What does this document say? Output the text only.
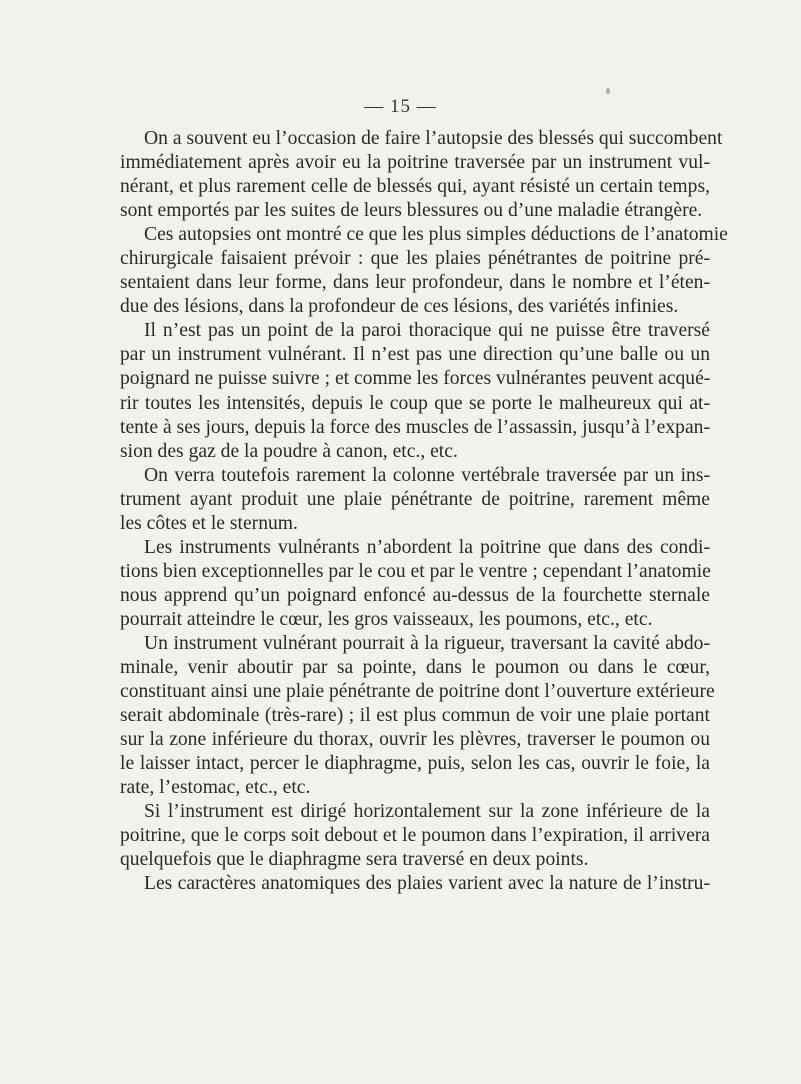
— 15 —
On a souvent eu l’occasion de faire l’autopsie des blessés qui succombent
immédiatement après avoir eu la poitrine traversée par un instrument vul-
nérant, et plus rarement celle de blessés qui, ayant résisté un certain temps,
sont emportés par les suites de leurs blessures ou d’une maladie étrangère.
Ces autopsies ont montré ce que les plus simples déductions de l’anatomie
chirurgicale faisaient prévoir : que les plaies pénétrantes de poitrine pré-
sentaient dans leur forme, dans leur profondeur, dans le nombre et l’éten-
due des lésions, dans la profondeur de ces lésions, des variétés infinies.
Il n’est pas un point de la paroi thoracique qui ne puisse être traversé
par un instrument vulnérant. Il n’est pas une direction qu’une balle ou un
poignard ne puisse suivre ; et comme les forces vulnérantes peuvent acqué-
rir toutes les intensités, depuis le coup que se porte le malheureux qui at-
tente à ses jours, depuis la force des muscles de l’assassin, jusqu’à l’expan-
sion des gaz de la poudre à canon, etc., etc.
On verra toutefois rarement la colonne vertébrale traversée par un ins-
trument ayant produit une plaie pénétrante de poitrine, rarement même
les côtes et le sternum.
Les instruments vulnérants n’abordent la poitrine que dans des condi-
tions bien exceptionnelles par le cou et par le ventre ; cependant l’anatomie
nous apprend qu’un poignard enfoncé au-dessus de la fourchette sternale
pourrait atteindre le cœur, les gros vaisseaux, les poumons, etc., etc.
Un instrument vulnérant pourrait à la rigueur, traversant la cavité abdo-
minale, venir aboutir par sa pointe, dans le poumon ou dans le cœur,
constituant ainsi une plaie pénétrante de poitrine dont l’ouverture extérieure
serait abdominale (très-rare) ; il est plus commun de voir une plaie portant
sur la zone inférieure du thorax, ouvrir les plèvres, traverser le poumon ou
le laisser intact, percer le diaphragme, puis, selon les cas, ouvrir le foie, la
rate, l’estomac, etc., etc.
Si l’instrument est dirigé horizontalement sur la zone inférieure de la
poitrine, que le corps soit debout et le poumon dans l’expiration, il arrivera
quelquefois que le diaphragme sera traversé en deux points.
Les caractères anatomiques des plaies varient avec la nature de l’instru-
